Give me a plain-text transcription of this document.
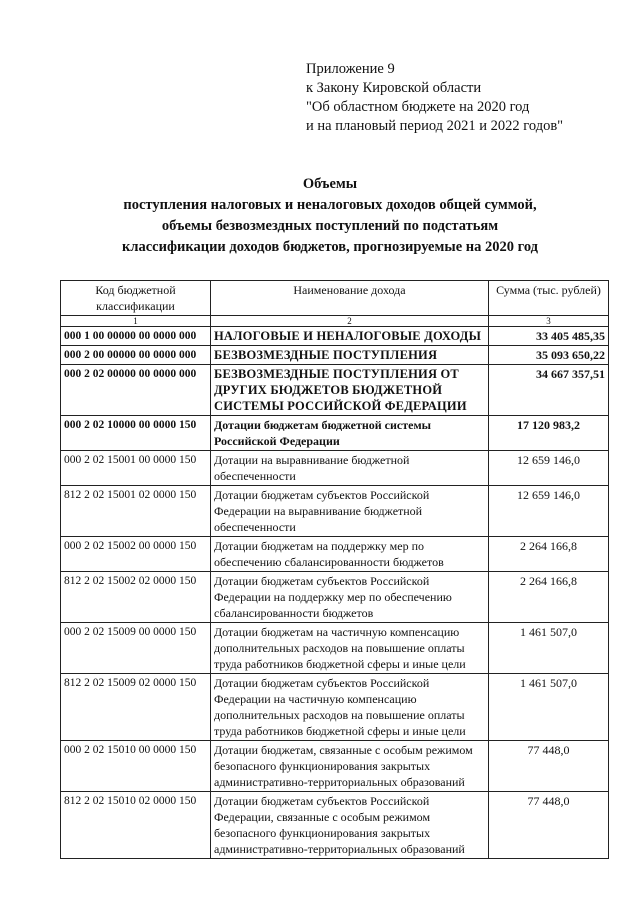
Приложение 9
к Закону Кировской области
"Об областном бюджете на 2020 год
и на плановый период 2021 и 2022 годов"
Объемы
поступления налоговых и неналоговых доходов общей суммой,
объемы безвозмездных поступлений по подстатьям
классификации доходов бюджетов, прогнозируемые на 2020 год
Код бюджетной классификации	Наименование дохода	Сумма (тыс. рублей)
1	2	3
000 1 00 00000 00 0000 000	НАЛОГОВЫЕ И НЕНАЛОГОВЫЕ ДОХОДЫ	33 405 485,35
000 2 00 00000 00 0000 000	БЕЗВОЗМЕЗДНЫЕ ПОСТУПЛЕНИЯ	35 093 650,22
000 2 02 00000 00 0000 000	БЕЗВОЗМЕЗДНЫЕ ПОСТУПЛЕНИЯ ОТ ДРУГИХ БЮДЖЕТОВ БЮДЖЕТНОЙ СИСТЕМЫ РОССИЙСКОЙ ФЕДЕРАЦИИ	34 667 357,51
000 2 02 10000 00 0000 150	Дотации бюджетам бюджетной системы Российской Федерации	17 120 983,2
000 2 02 15001 00 0000 150	Дотации на выравнивание бюджетной обеспеченности	12 659 146,0
812 2 02 15001 02 0000 150	Дотации бюджетам субъектов Российской Федерации на выравнивание бюджетной обеспеченности	12 659 146,0
000 2 02 15002 00 0000 150	Дотации бюджетам на поддержку мер по обеспечению сбалансированности бюджетов	2 264 166,8
812 2 02 15002 02 0000 150	Дотации бюджетам субъектов Российской Федерации на поддержку мер по обеспечению сбалансированности бюджетов	2 264 166,8
000 2 02 15009 00 0000 150	Дотации бюджетам на частичную компенсацию дополнительных расходов на повышение оплаты труда работников бюджетной сферы и иные цели	1 461 507,0
812 2 02 15009 02 0000 150	Дотации бюджетам субъектов Российской Федерации на частичную компенсацию дополнительных расходов на повышение оплаты труда работников бюджетной сферы и иные цели	1 461 507,0
000 2 02 15010 00 0000 150	Дотации бюджетам, связанные с особым режимом безопасного функционирования закрытых административно-территориальных образований	77 448,0
812 2 02 15010 02 0000 150	Дотации бюджетам субъектов Российской Федерации, связанные с особым режимом безопасного функционирования закрытых административно-территориальных образований	77 448,0
